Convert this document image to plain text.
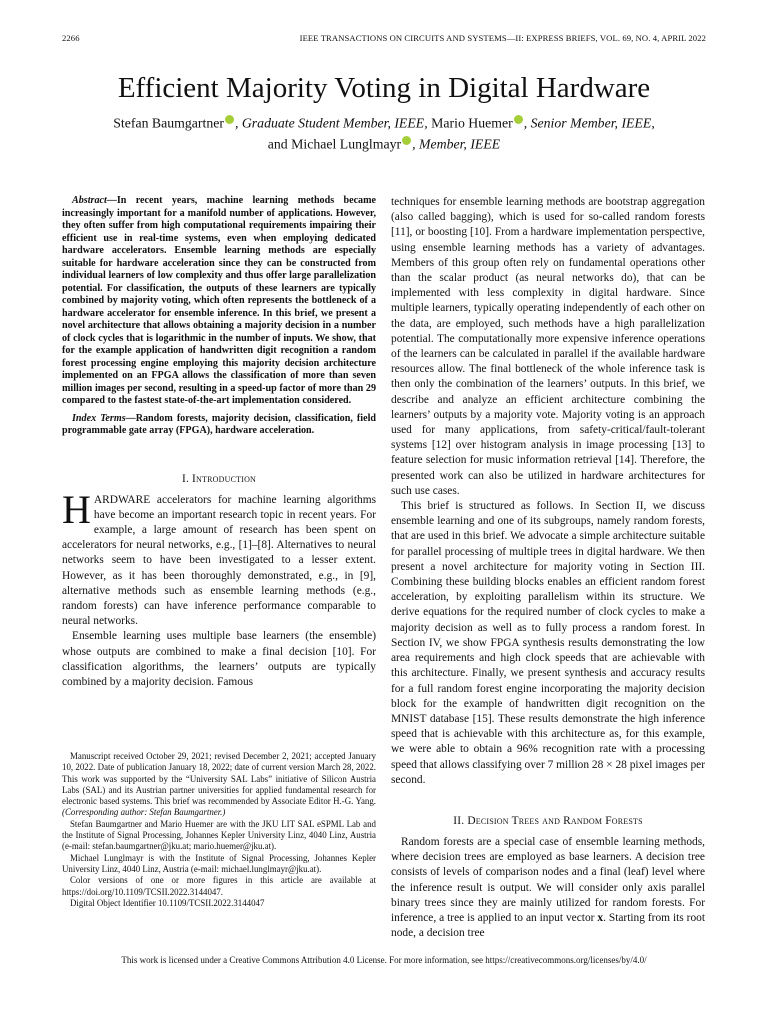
2266	IEEE TRANSACTIONS ON CIRCUITS AND SYSTEMS—II: EXPRESS BRIEFS, VOL. 69, NO. 4, APRIL 2022
Efficient Majority Voting in Digital Hardware
Stefan Baumgartner , Graduate Student Member, IEEE, Mario Huemer , Senior Member, IEEE,
and Michael Lunglmayr , Member, IEEE

Abstract—In recent years, machine learning methods became increasingly important for a manifold number of applications. However, they often suffer from high computational requirements impairing their efficient use in real-time systems, even when employing dedicated hardware accelerators. Ensemble learning methods are especially suitable for hardware acceleration since they can be constructed from individual learners of low complexity and thus offer large parallelization potential. For classification, the outputs of these learners are typically combined by majority voting, which often represents the bottleneck of a hardware accelerator for ensemble inference. In this brief, we present a novel architecture that allows obtaining a majority decision in a number of clock cycles that is logarithmic in the number of inputs. We show, that for the example application of handwritten digit recognition a random forest processing engine employing this majority decision architecture implemented on an FPGA allows the classification of more than seven million images per second, resulting in a speed-up factor of more than 29 compared to the fastest state-of-the-art implementation considered.

Index Terms—Random forests, majority decision, classification, field programmable gate array (FPGA), hardware acceleration.

I. Introduction

HARDWARE accelerators for machine learning algorithms have become an important research topic in recent years. For example, a large amount of research has been spent on accelerators for neural networks, e.g., [1]–[8]. Alternatives to neural networks seem to have been investigated to a lesser extent. However, as it has been thoroughly demonstrated, e.g., in [9], alternative methods such as ensemble learning methods (e.g., random forests) can have inference performance comparable to neural networks.

Ensemble learning uses multiple base learners (the ensemble) whose outputs are combined to make a final decision [10]. For classification algorithms, the learners’ outputs are typically combined by a majority decision. Famous

Manuscript received October 29, 2021; revised December 2, 2021; accepted January 10, 2022. Date of publication January 18, 2022; date of current version March 28, 2022. This work was supported by the “University SAL Labs” initiative of Silicon Austria Labs (SAL) and its Austrian partner universities for applied fundamental research for electronic based systems. This brief was recommended by Associate Editor H.-G. Yang. (Corresponding author: Stefan Baumgartner.)

Stefan Baumgartner and Mario Huemer are with the JKU LIT SAL eSPML Lab and the Institute of Signal Processing, Johannes Kepler University Linz, 4040 Linz, Austria (e-mail: stefan.baumgartner@jku.at; mario.huemer@jku.at).

Michael Lunglmayr is with the Institute of Signal Processing, Johannes Kepler University Linz, 4040 Linz, Austria (e-mail: michael.lunglmayr@jku.at).

Color versions of one or more figures in this article are available at https://doi.org/10.1109/TCSII.2022.3144047.

Digital Object Identifier 10.1109/TCSII.2022.3144047

techniques for ensemble learning methods are bootstrap aggregation (also called bagging), which is used for so-called random forests [11], or boosting [10]. From a hardware implementation perspective, using ensemble learning methods has a variety of advantages. Members of this group often rely on fundamental operations other than the scalar product (as neural networks do), that can be implemented with less complexity in digital hardware. Since multiple learners, typically operating independently of each other on the data, are employed, such methods have a high parallelization potential. The computationally more expensive inference operations of the learners can be calculated in parallel if the available hardware resources allow. The final bottleneck of the whole inference task is then only the combination of the learners’ outputs. In this brief, we describe and analyze an efficient architecture combining the learners’ outputs by a majority vote. Majority voting is an approach used for many applications, from safety-critical/fault-tolerant systems [12] over histogram analysis in image processing [13] to feature selection for music information retrieval [14]. Therefore, the presented work can also be utilized in hardware architectures for such use cases.

This brief is structured as follows. In Section II, we discuss ensemble learning and one of its subgroups, namely random forests, that are used in this brief. We advocate a simple architecture suitable for parallel processing of multiple trees in digital hardware. We then present a novel architecture for majority voting in Section III. Combining these building blocks enables an efficient random forest acceleration, by exploiting parallelism within its structure. We derive equations for the required number of clock cycles to make a majority decision as well as to fully process a random forest. In Section IV, we show FPGA synthesis results demonstrating the low area requirements and high clock speeds that are achievable with this architecture. Finally, we present synthesis and accuracy results for a full random forest engine incorporating the majority decision block for the example of handwritten digit recognition on the MNIST database [15]. These results demonstrate the high inference speed that is achievable with this architecture as, for this example, we were able to obtain a 96% recognition rate with a processing speed that allows classifying over 7 million 28 × 28 pixel images per second.

II. Decision Trees and Random Forests

Random forests are a special case of ensemble learning methods, where decision trees are employed as base learners. A decision tree consists of levels of comparison nodes and a final (leaf) level where the inference result is output. We will consider only axis parallel binary trees since they are mainly utilized for random forests. For inference, a tree is applied to an input vector x. Starting from its root node, a decision tree

This work is licensed under a Creative Commons Attribution 4.0 License. For more information, see https://creativecommons.org/licenses/by/4.0/
